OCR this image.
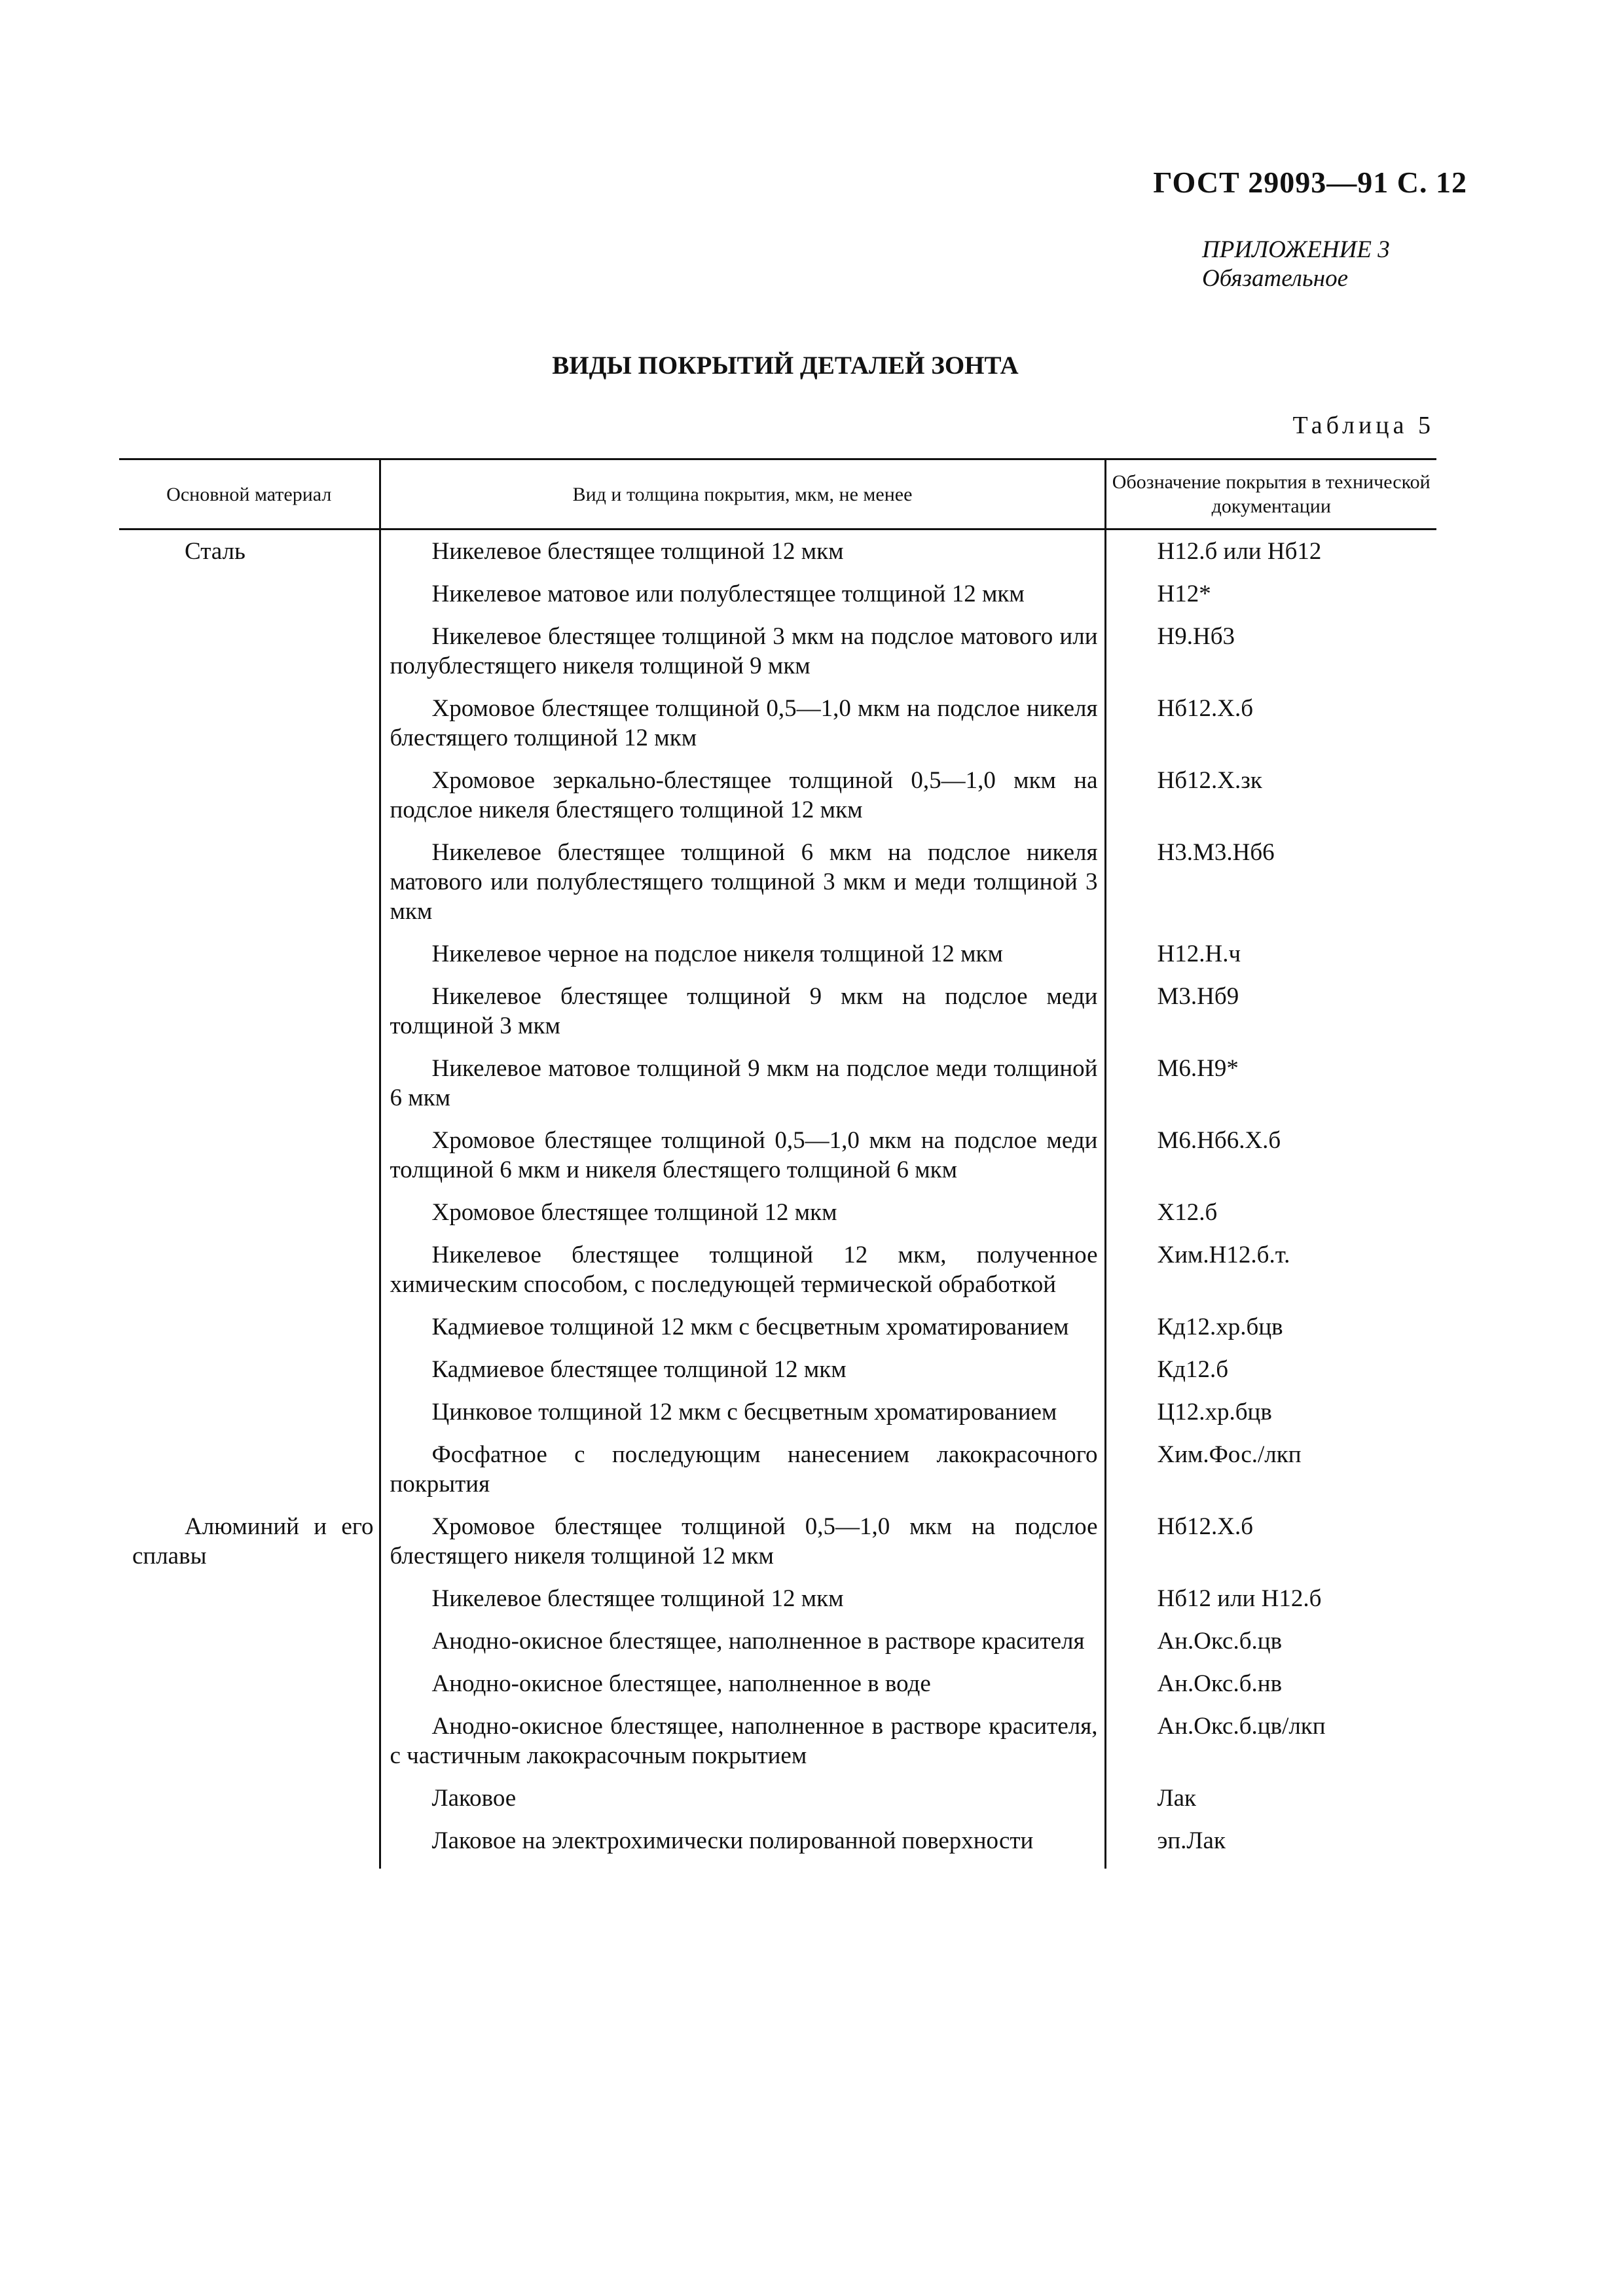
ГОСТ 29093—91 С. 12
ПРИЛОЖЕНИЕ 3
Обязательное
ВИДЫ ПОКРЫТИЙ ДЕТАЛЕЙ ЗОНТА
Таблица 5
Основной материал	Вид и толщина покрытия, мкм, не менее	Обозначение покрытия в технической документации

Сталь	Никелевое блестящее толщиной 12 мкм	Н12.б или Нб12

	Никелевое матовое или полублестящее толщиной 12 мкм	Н12*

	Никелевое блестящее толщиной 3 мкм на подслое матового или полублестящего никеля толщиной 9 мкм	Н9.Нб3

	Хромовое блестящее толщиной 0,5—1,0 мкм на подслое никеля блестящего толщиной 12 мкм	Нб12.Х.б

	Хромовое зеркально-блестящее толщиной 0,5—1,0 мкм на подслое никеля блестящего толщиной 12 мкм	Нб12.Х.зк

	Никелевое блестящее толщиной 6 мкм на подслое никеля матового или полублестящего толщиной 3 мкм и меди толщиной 3 мкм	Н3.М3.Нб6

	Никелевое черное на подслое никеля толщиной 12 мкм	Н12.Н.ч

	Никелевое блестящее толщиной 9 мкм на подслое меди толщиной 3 мкм	М3.Нб9

	Никелевое матовое толщиной 9 мкм на подслое меди толщиной 6 мкм	М6.Н9*

	Хромовое блестящее толщиной 0,5—1,0 мкм на подслое меди толщиной 6 мкм и никеля блестящего толщиной 6 мкм	М6.Нб6.Х.б

	Хромовое блестящее толщиной 12 мкм	Х12.б

	Никелевое блестящее толщиной 12 мкм, полученное химическим способом, с последующей термической обработкой	Хим.Н12.б.т.

	Кадмиевое толщиной 12 мкм с бесцветным хроматированием	Кд12.хр.бцв

	Кадмиевое блестящее толщиной 12 мкм	Кд12.б

	Цинковое толщиной 12 мкм с бесцветным хроматированием	Ц12.хр.бцв

	Фосфатное с последующим нанесением лакокрасочного покрытия	Хим.Фос./лкп

Алюминий и его сплавы	Хромовое блестящее толщиной 0,5—1,0 мкм на подслое блестящего никеля толщиной 12 мкм	Нб12.Х.б

	Никелевое блестящее толщиной 12 мкм	Нб12 или Н12.б

	Анодно-окисное блестящее, наполненное в растворе красителя	Ан.Окс.б.цв

	Анодно-окисное блестящее, наполненное в воде	Ан.Окс.б.нв

	Анодно-окисное блестящее, наполненное в растворе красителя, с частичным лакокрасочным покрытием	Ан.Окс.б.цв/лкп

	Лаковое	Лак

	Лаковое на электрохимически полированной поверхности	эп.Лак
